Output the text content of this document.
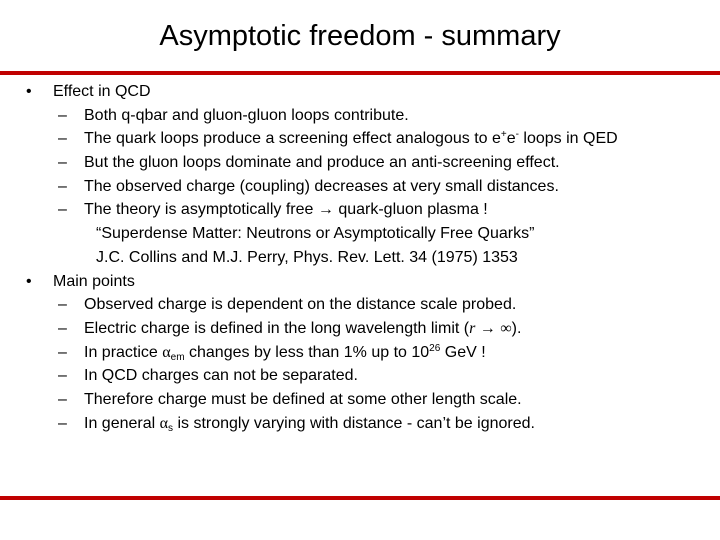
Asymptotic freedom - summary
• Effect in QCD
– Both q-qbar and gluon-gluon loops contribute.
– The quark loops produce a screening effect analogous to e+e- loops in QED
– But the gluon loops dominate and produce an anti-screening effect.
– The observed charge (coupling) decreases at very small distances.
– The theory is asymptotically free → quark-gluon plasma !
“Superdense Matter: Neutrons or Asymptotically Free Quarks”
J.C. Collins and M.J. Perry, Phys. Rev. Lett. 34 (1975) 1353
• Main points
– Observed charge is dependent on the distance scale probed.
– Electric charge is defined in the long wavelength limit (r → ∞).
– In practice $\alpha_{em}$ changes by less than 1% up to $10^{26}$ GeV !
– In QCD charges can not be separated.
– Therefore charge must be defined at some other length scale.
– In general $\alpha_s$ is strongly varying with distance - can’t be ignored.
